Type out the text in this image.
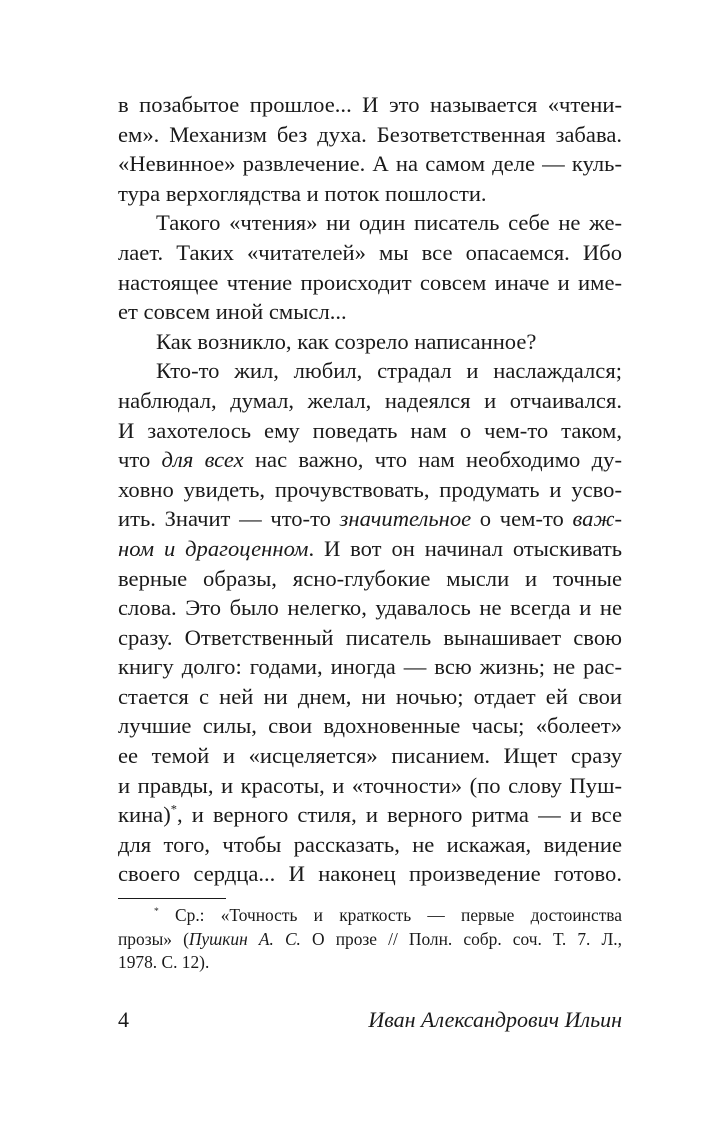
в позабытое прошлое... И это называется «чтени-
ем». Механизм без духа. Безответственная забава.
«Невинное» развлечение. А на самом деле — куль-
тура верхоглядства и поток пошлости.
Такого «чтения» ни один писатель себе не же-
лает. Таких «читателей» мы все опасаемся. Ибо
настоящее чтение происходит совсем иначе и име-
ет совсем иной смысл...
Как возникло, как созрело написанное?
Кто-то жил, любил, страдал и наслаждался;
наблюдал, думал, желал, надеялся и отчаивался.
И захотелось ему поведать нам о чем-то таком,
что для всех нас важно, что нам необходимо ду-
ховно увидеть, прочувствовать, продумать и усво-
ить. Значит — что-то значительное о чем-то важ-
ном и драгоценном. И вот он начинал отыскивать
верные образы, ясно-глубокие мысли и точные
слова. Это было нелегко, удавалось не всегда и не
сразу. Ответственный писатель вынашивает свою
книгу долго: годами, иногда — всю жизнь; не рас-
стается с ней ни днем, ни ночью; отдает ей свои
лучшие силы, свои вдохновенные часы; «болеет»
ее темой и «исцеляется» писанием. Ищет сразу
и правды, и красоты, и «точности» (по слову Пуш-
кина)*, и верного стиля, и верного ритма — и все
для того, чтобы рассказать, не искажая, видение
своего сердца... И наконец произведение готово.
* Ср.: «Точность и краткость — первые достоинства
прозы» (Пушкин А. С. О прозе // Полн. собр. соч. Т. 7. Л.,
1978. С. 12).
4	Иван Александрович Ильин
